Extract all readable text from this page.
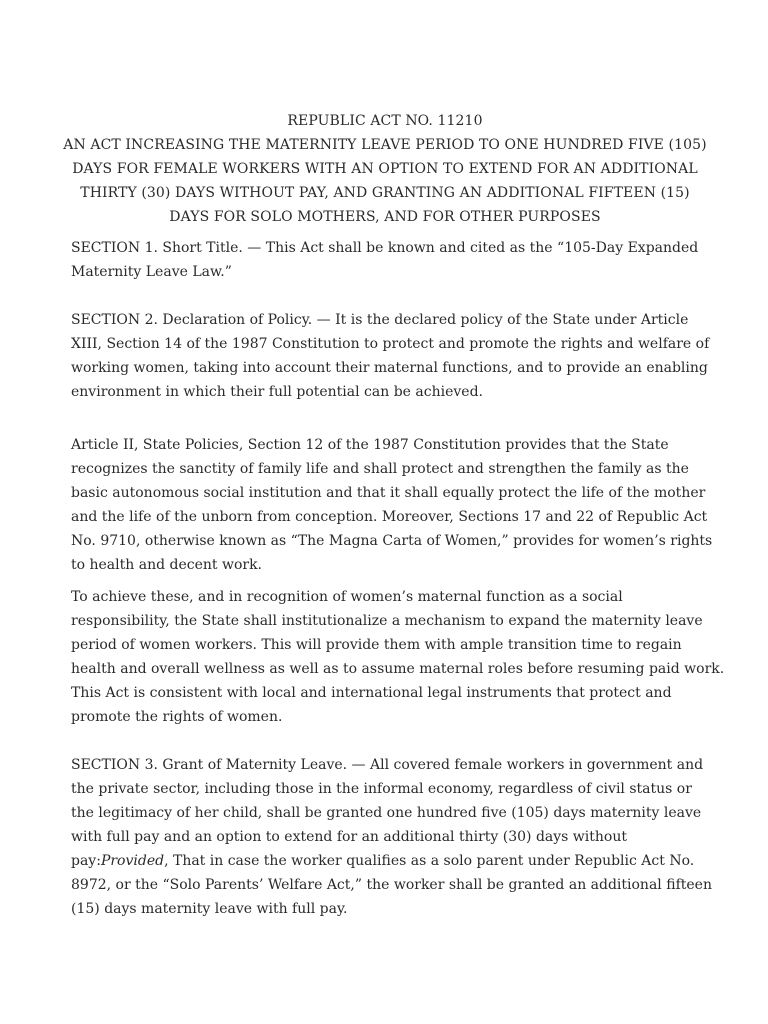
REPUBLIC ACT NO. 11210
AN ACT INCREASING THE MATERNITY LEAVE PERIOD TO ONE HUNDRED FIVE (105)
DAYS FOR FEMALE WORKERS WITH AN OPTION TO EXTEND FOR AN ADDITIONAL
THIRTY (30) DAYS WITHOUT PAY, AND GRANTING AN ADDITIONAL FIFTEEN (15)
DAYS FOR SOLO MOTHERS, AND FOR OTHER PURPOSES
SECTION 1. Short Title. — This Act shall be known and cited as the “105-Day Expanded
Maternity Leave Law.”
SECTION 2. Declaration of Policy. — It is the declared policy of the State under Article
XIII, Section 14 of the 1987 Constitution to protect and promote the rights and welfare of
working women, taking into account their maternal functions, and to provide an enabling
environment in which their full potential can be achieved.
Article II, State Policies, Section 12 of the 1987 Constitution provides that the State
recognizes the sanctity of family life and shall protect and strengthen the family as the
basic autonomous social institution and that it shall equally protect the life of the mother
and the life of the unborn from conception. Moreover, Sections 17 and 22 of Republic Act
No. 9710, otherwise known as “The Magna Carta of Women,” provides for women’s rights
to health and decent work.
To achieve these, and in recognition of women’s maternal function as a social
responsibility, the State shall institutionalize a mechanism to expand the maternity leave
period of women workers. This will provide them with ample transition time to regain
health and overall wellness as well as to assume maternal roles before resuming paid work.
This Act is consistent with local and international legal instruments that protect and
promote the rights of women.
SECTION 3. Grant of Maternity Leave. — All covered female workers in government and
the private sector, including those in the informal economy, regardless of civil status or
the legitimacy of her child, shall be granted one hundred five (105) days maternity leave
with full pay and an option to extend for an additional thirty (30) days without
pay:Provided, That in case the worker qualifies as a solo parent under Republic Act No.
8972, or the “Solo Parents’ Welfare Act,” the worker shall be granted an additional fifteen
(15) days maternity leave with full pay.
